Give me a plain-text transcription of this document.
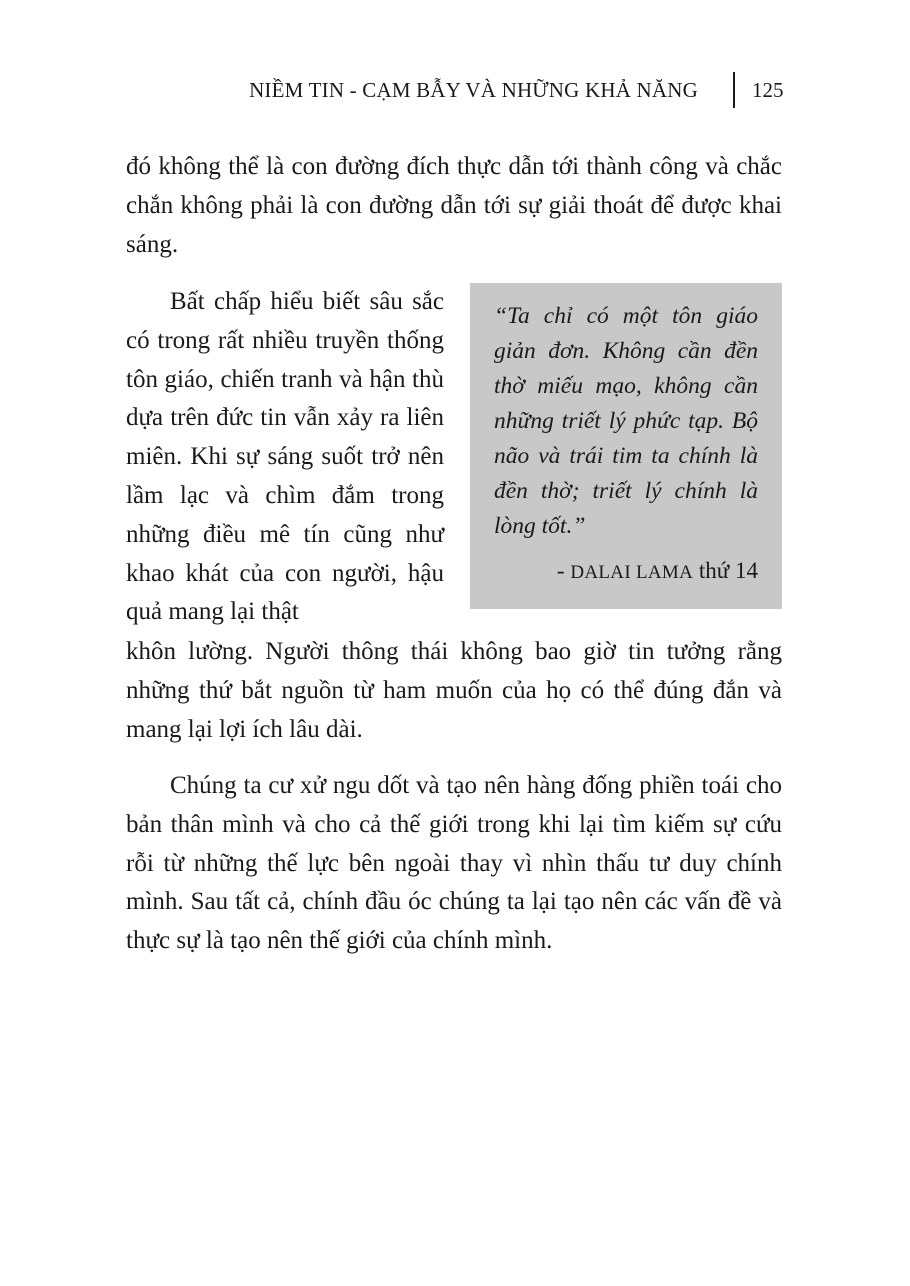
NIỀM TIN - CẠM BẪY VÀ NHỮNG KHẢ NĂNG	125

đó không thể là con đường đích thực dẫn tới thành công và chắc chắn không phải là con đường dẫn tới sự giải thoát để được khai sáng.

Bất chấp hiểu biết sâu sắc có trong rất nhiều truyền thống tôn giáo, chiến tranh và hận thù dựa trên đức tin vẫn xảy ra liên miên. Khi sự sáng suốt trở nên lầm lạc và chìm đắm trong những điều mê tín cũng như khao khát của con người, hậu quả mang lại thật

“Ta chỉ có một tôn giáo giản đơn. Không cần đền thờ miếu mạo, không cần những triết lý phức tạp. Bộ não và trái tim ta chính là đền thờ; triết lý chính là lòng tốt.”

- DALAI LAMA thứ 14

khôn lường. Người thông thái không bao giờ tin tưởng rằng những thứ bắt nguồn từ ham muốn của họ có thể đúng đắn và mang lại lợi ích lâu dài.

Chúng ta cư xử ngu dốt và tạo nên hàng đống phiền toái cho bản thân mình và cho cả thế giới trong khi lại tìm kiếm sự cứu rỗi từ những thế lực bên ngoài thay vì nhìn thấu tư duy chính mình. Sau tất cả, chính đầu óc chúng ta lại tạo nên các vấn đề và thực sự là tạo nên thế giới của chính mình.
